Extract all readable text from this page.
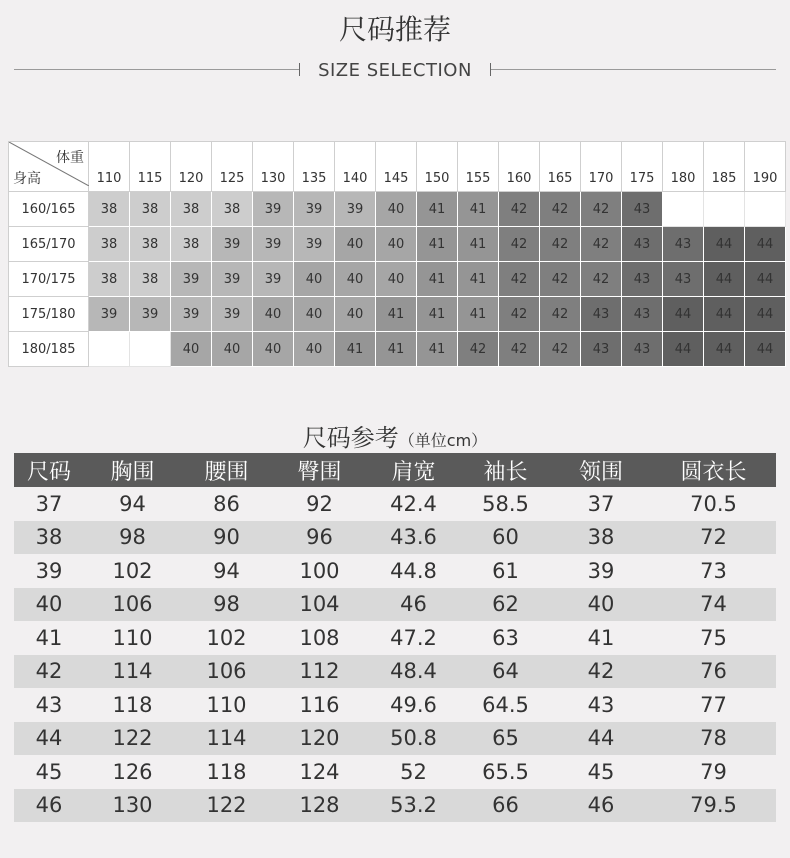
尺码推荐
SIZE SELECTION
体重
身高	110	115	120	125	130	135	140	145	150	155	160	165	170	175	180	185	190
160/165	38	38	38	38	39	39	39	40	41	41	42	42	42	43			
165/170	38	38	38	39	39	39	40	40	41	41	42	42	42	43	43	44	44
170/175	38	38	39	39	39	40	40	40	41	41	42	42	42	43	43	44	44
175/180	39	39	39	39	40	40	40	41	41	41	42	42	43	43	44	44	44
180/185			40	40	40	40	41	41	41	42	42	42	43	43	44	44	44
尺码参考（单位cm）
尺码	胸围	腰围	臀围	肩宽	袖长	领围	圆衣长
37	94	86	92	42.4	58.5	37	70.5
38	98	90	96	43.6	60	38	72
39	102	94	100	44.8	61	39	73
40	106	98	104	46	62	40	74
41	110	102	108	47.2	63	41	75
42	114	106	112	48.4	64	42	76
43	118	110	116	49.6	64.5	43	77
44	122	114	120	50.8	65	44	78
45	126	118	124	52	65.5	45	79
46	130	122	128	53.2	66	46	79.5
